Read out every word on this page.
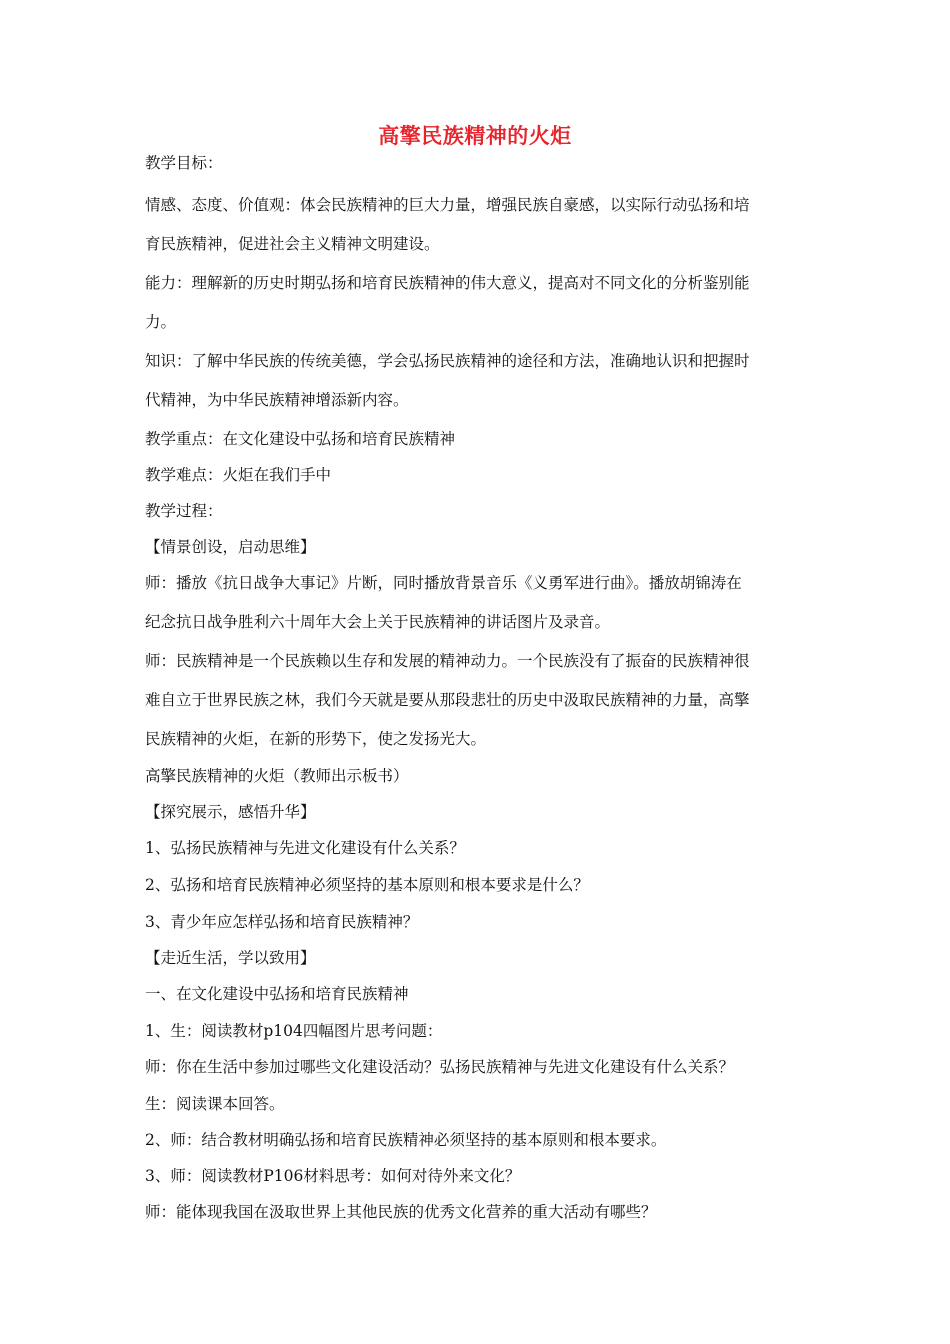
高擎民族精神的火炬

教学目标：

情感、态度、价值观：体会民族精神的巨大力量，增强民族自豪感，以实际行动弘扬和培

育民族精神，促进社会主义精神文明建设。

能力：理解新的历史时期弘扬和培育民族精神的伟大意义，提高对不同文化的分析鉴别能

力。

知识：了解中华民族的传统美德，学会弘扬民族精神的途径和方法，准确地认识和把握时

代精神，为中华民族精神增添新内容。

教学重点：在文化建设中弘扬和培育民族精神

教学难点：火炬在我们手中

教学过程：

【情景创设，启动思维】

师：播放《抗日战争大事记》片断，同时播放背景音乐《义勇军进行曲》。播放胡锦涛在

纪念抗日战争胜利六十周年大会上关于民族精神的讲话图片及录音。

师：民族精神是一个民族赖以生存和发展的精神动力。一个民族没有了振奋的民族精神很

难自立于世界民族之林，我们今天就是要从那段悲壮的历史中汲取民族精神的力量，高擎

民族精神的火炬，在新的形势下，使之发扬光大。

高擎民族精神的火炬（教师出示板书）

【探究展示，感悟升华】

1、弘扬民族精神与先进文化建设有什么关系？

2、弘扬和培育民族精神必须坚持的基本原则和根本要求是什么？

3、青少年应怎样弘扬和培育民族精神？

【走近生活，学以致用】

一、在文化建设中弘扬和培育民族精神

1、生：阅读教材p104四幅图片思考问题：

师：你在生活中参加过哪些文化建设活动？弘扬民族精神与先进文化建设有什么关系？

生：阅读课本回答。

2、师：结合教材明确弘扬和培育民族精神必须坚持的基本原则和根本要求。

3、师：阅读教材P106材料思考：如何对待外来文化？

师：能体现我国在汲取世界上其他民族的优秀文化营养的重大活动有哪些？
